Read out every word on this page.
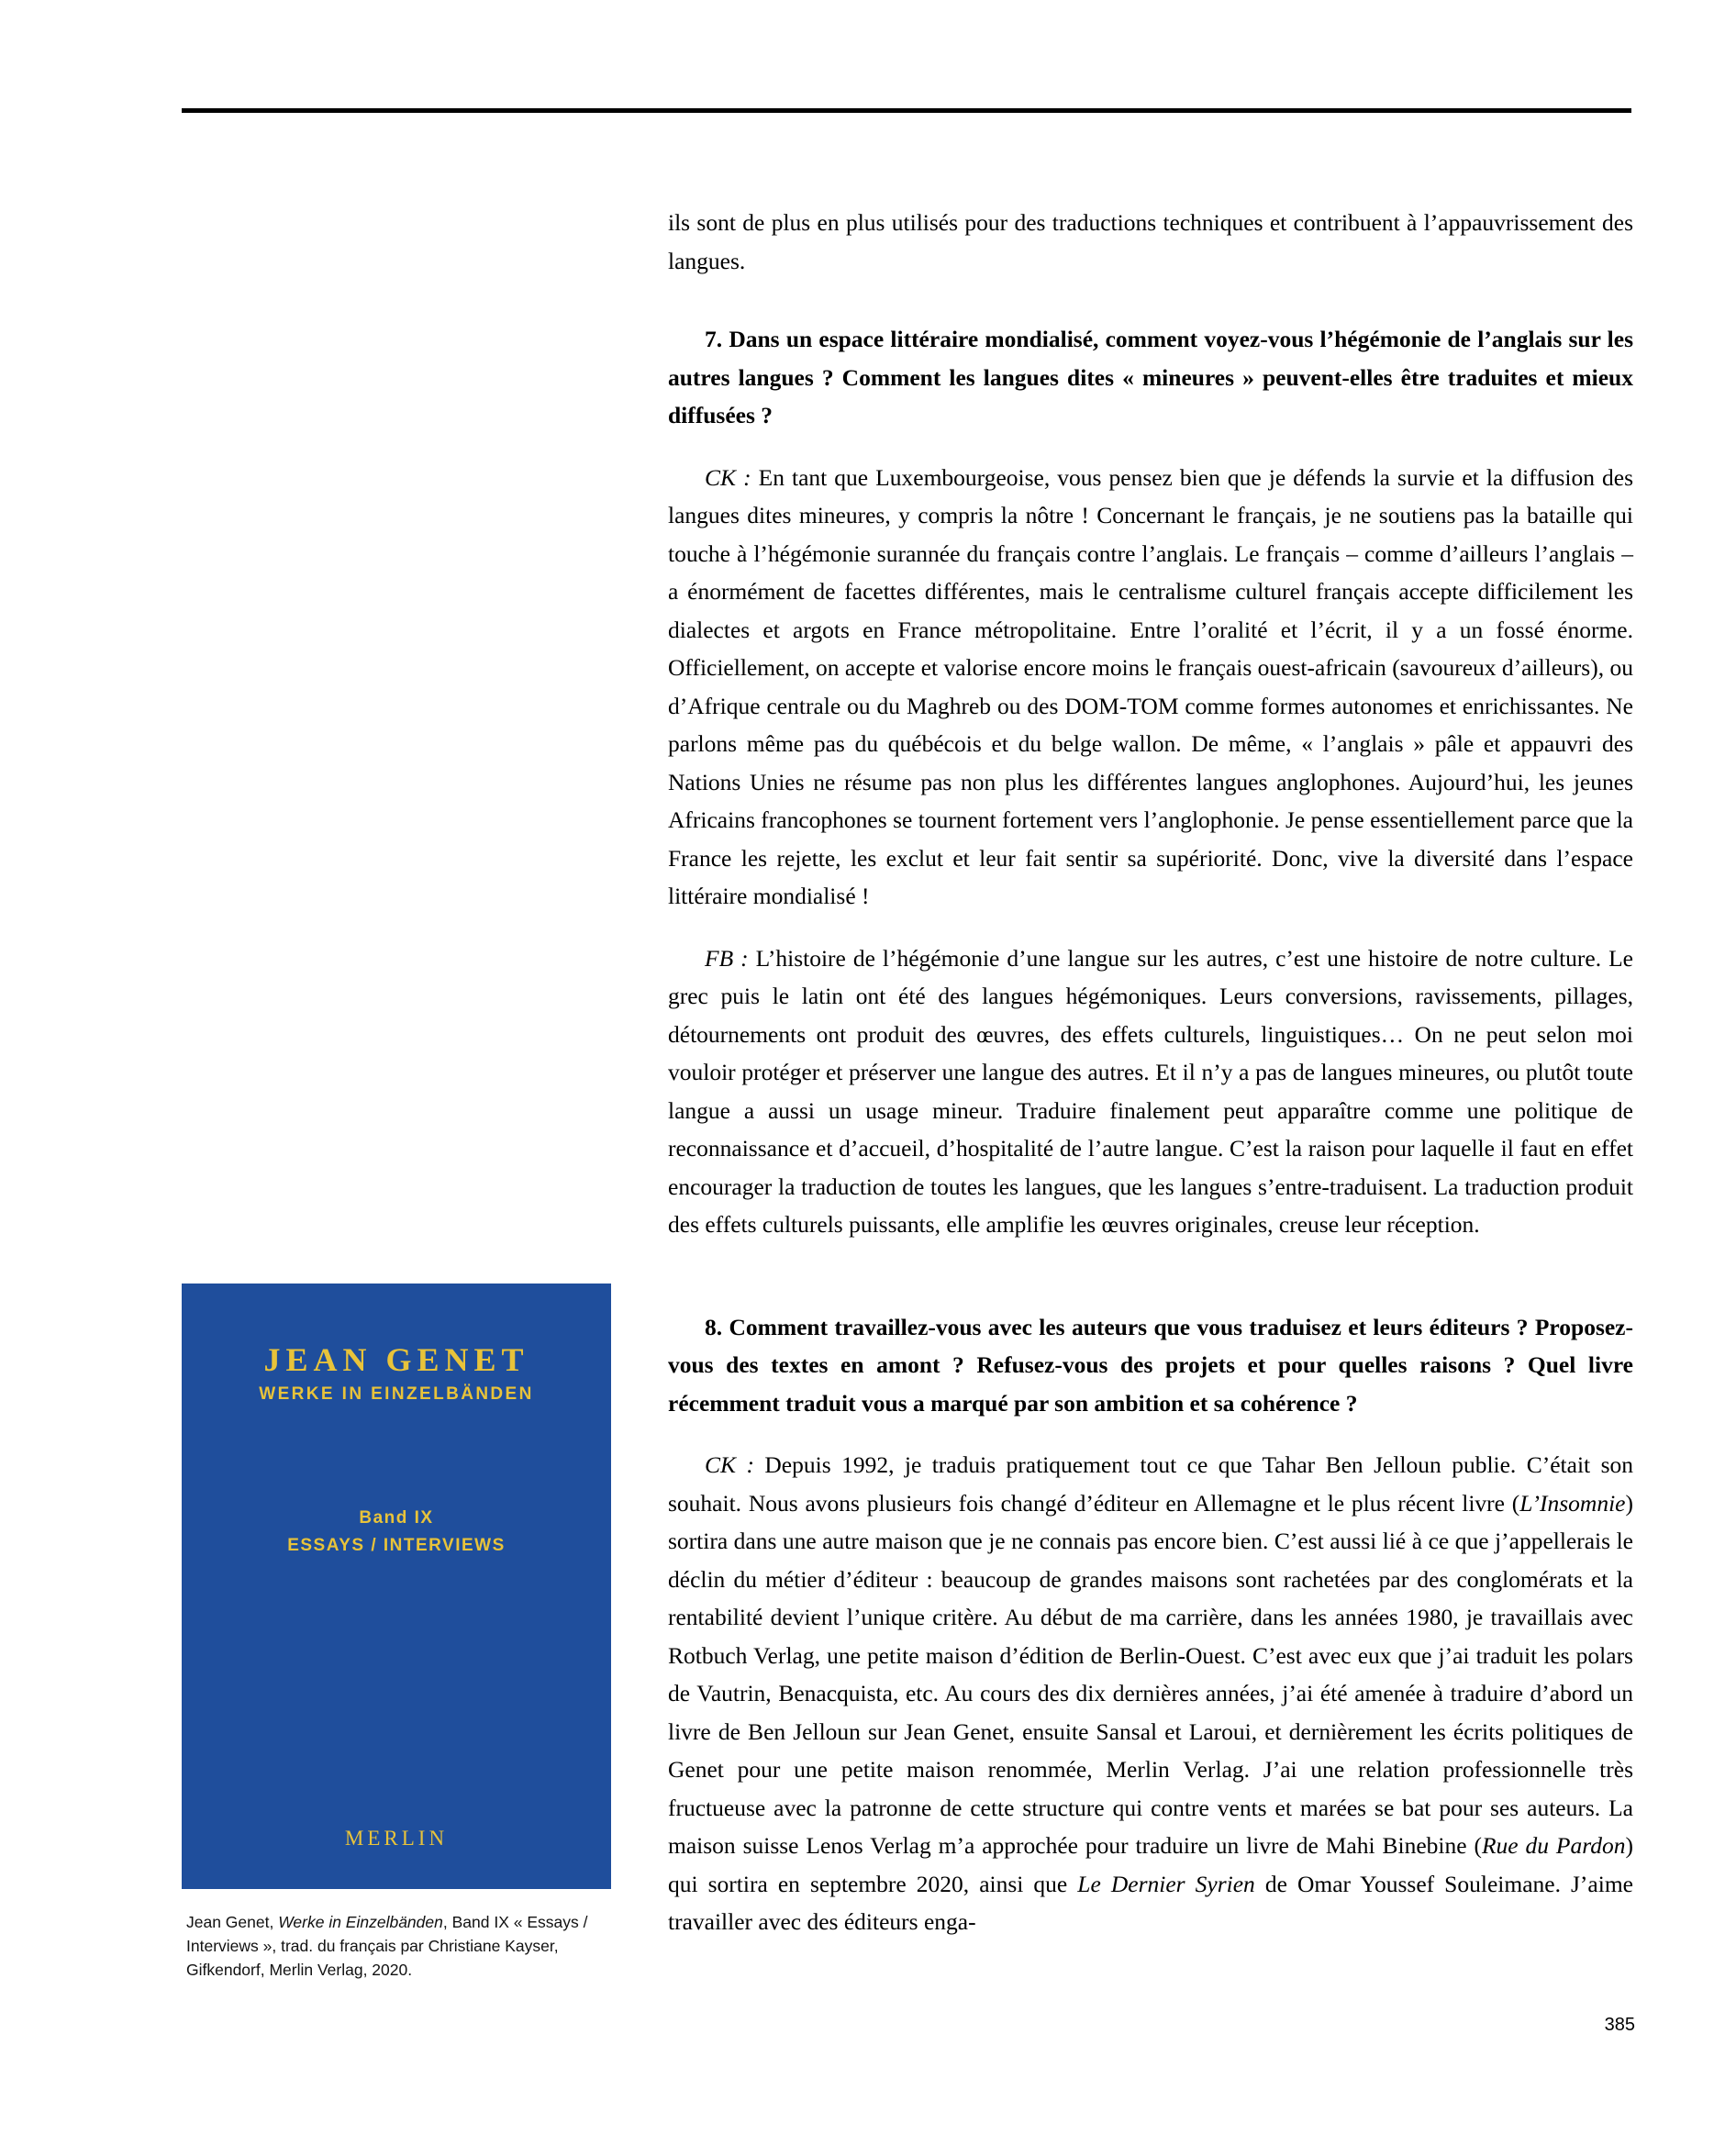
ils sont de plus en plus utilisés pour des traductions techniques et contribuent à l’appauvrissement des langues.

7. Dans un espace littéraire mondialisé, comment voyez-vous l’hégémonie de l’anglais sur les autres langues ? Comment les langues dites « mineures » peuvent-elles être traduites et mieux diffusées ?

CK : En tant que Luxembourgeoise, vous pensez bien que je défends la survie et la diffusion des langues dites mineures, y compris la nôtre ! Concernant le français, je ne soutiens pas la bataille qui touche à l’hégémonie surannée du français contre l’anglais. Le français – comme d’ailleurs l’anglais – a énormément de facettes différentes, mais le centralisme culturel français accepte difficilement les dialectes et argots en France métropolitaine. Entre l’oralité et l’écrit, il y a un fossé énorme. Officiellement, on accepte et valorise encore moins le français ouest-africain (savoureux d’ailleurs), ou d’Afrique centrale ou du Maghreb ou des DOM-TOM comme formes autonomes et enrichissantes. Ne parlons même pas du québécois et du belge wallon. De même, « l’anglais » pâle et appauvri des Nations Unies ne résume pas non plus les différentes langues anglophones. Aujourd’hui, les jeunes Africains francophones se tournent fortement vers l’anglophonie. Je pense essentiellement parce que la France les rejette, les exclut et leur fait sentir sa supériorité. Donc, vive la diversité dans l’espace littéraire mondialisé !

FB : L’histoire de l’hégémonie d’une langue sur les autres, c’est une histoire de notre culture. Le grec puis le latin ont été des langues hégémoniques. Leurs conversions, ravissements, pillages, détournements ont produit des œuvres, des effets culturels, linguistiques… On ne peut selon moi vouloir protéger et préserver une langue des autres. Et il n’y a pas de langues mineures, ou plutôt toute langue a aussi un usage mineur. Traduire finalement peut apparaître comme une politique de reconnaissance et d’accueil, d’hospitalité de l’autre langue. C’est la raison pour laquelle il faut en effet encourager la traduction de toutes les langues, que les langues s’entre-traduisent. La traduction produit des effets culturels puissants, elle amplifie les œuvres originales, creuse leur réception.

8. Comment travaillez-vous avec les auteurs que vous traduisez et leurs éditeurs ? Proposez-vous des textes en amont ? Refusez-vous des projets et pour quelles raisons ? Quel livre récemment traduit vous a marqué par son ambition et sa cohérence ?

CK : Depuis 1992, je traduis pratiquement tout ce que Tahar Ben Jelloun publie. C’était son souhait. Nous avons plusieurs fois changé d’éditeur en Allemagne et le plus récent livre (L’Insomnie) sortira dans une autre maison que je ne connais pas encore bien. C’est aussi lié à ce que j’appellerais le déclin du métier d’éditeur : beaucoup de grandes maisons sont rachetées par des conglomérats et la rentabilité devient l’unique critère. Au début de ma carrière, dans les années 1980, je travaillais avec Rotbuch Verlag, une petite maison d’édition de Berlin-Ouest. C’est avec eux que j’ai traduit les polars de Vautrin, Benacquista, etc. Au cours des dix dernières années, j’ai été amenée à traduire d’abord un livre de Ben Jelloun sur Jean Genet, ensuite Sansal et Laroui, et dernièrement les écrits politiques de Genet pour une petite maison renommée, Merlin Verlag. J’ai une relation professionnelle très fructueuse avec la patronne de cette structure qui contre vents et marées se bat pour ses auteurs. La maison suisse Lenos Verlag m’a approchée pour traduire un livre de Mahi Binebine (Rue du Pardon) qui sortira en septembre 2020, ainsi que Le Dernier Syrien de Omar Youssef Souleimane. J’aime travailler avec des éditeurs enga-

JEAN GENET
WERKE IN EINZELBÄNDEN
Band IX
ESSAYS / INTERVIEWS
MERLIN
Jean Genet, Werke in Einzelbänden, Band IX « Essays / Interviews », trad. du français par Christiane Kayser, Gifkendorf, Merlin Verlag, 2020.
385
